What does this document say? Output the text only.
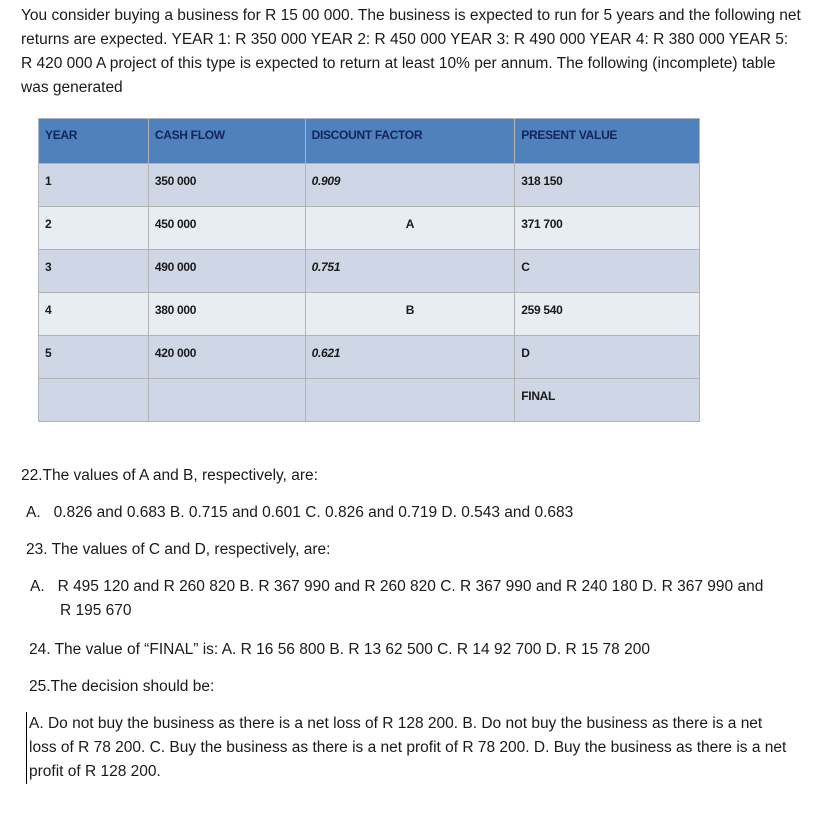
You consider buying a business for R 15 00 000. The business is expected to run for 5 years and the following net returns are expected. YEAR 1: R 350 000 YEAR 2: R 450 000 YEAR 3: R 490 000 YEAR 4: R 380 000 YEAR 5: R 420 000 A project of this type is expected to return at least 10% per annum. The following (incomplete) table was generated

YEAR	CASH FLOW	DISCOUNT FACTOR	PRESENT VALUE
1	350 000	0.909	318 150
2	450 000	A	371 700
3	490 000	0.751	C
4	380 000	B	259 540
5	420 000	0.621	D
			FINAL

22.The values of A and B, respectively, are:

A.   0.826 and 0.683 B. 0.715 and 0.601 C. 0.826 and 0.719 D. 0.543 and 0.683

23. The values of C and D, respectively, are:

A.   R 495 120 and R 260 820 B. R 367 990 and R 260 820 C. R 367 990 and R 240 180 D. R 367 990 and

R 195 670

24. The value of “FINAL” is: A. R 16 56 800 B. R 13 62 500 C. R 14 92 700 D. R 15 78 200

25.The decision should be:

A. Do not buy the business as there is a net loss of R 128 200. B. Do not buy the business as there is a net loss of R 78 200. C. Buy the business as there is a net profit of R 78 200. D. Buy the business as there is a net profit of R 128 200.
